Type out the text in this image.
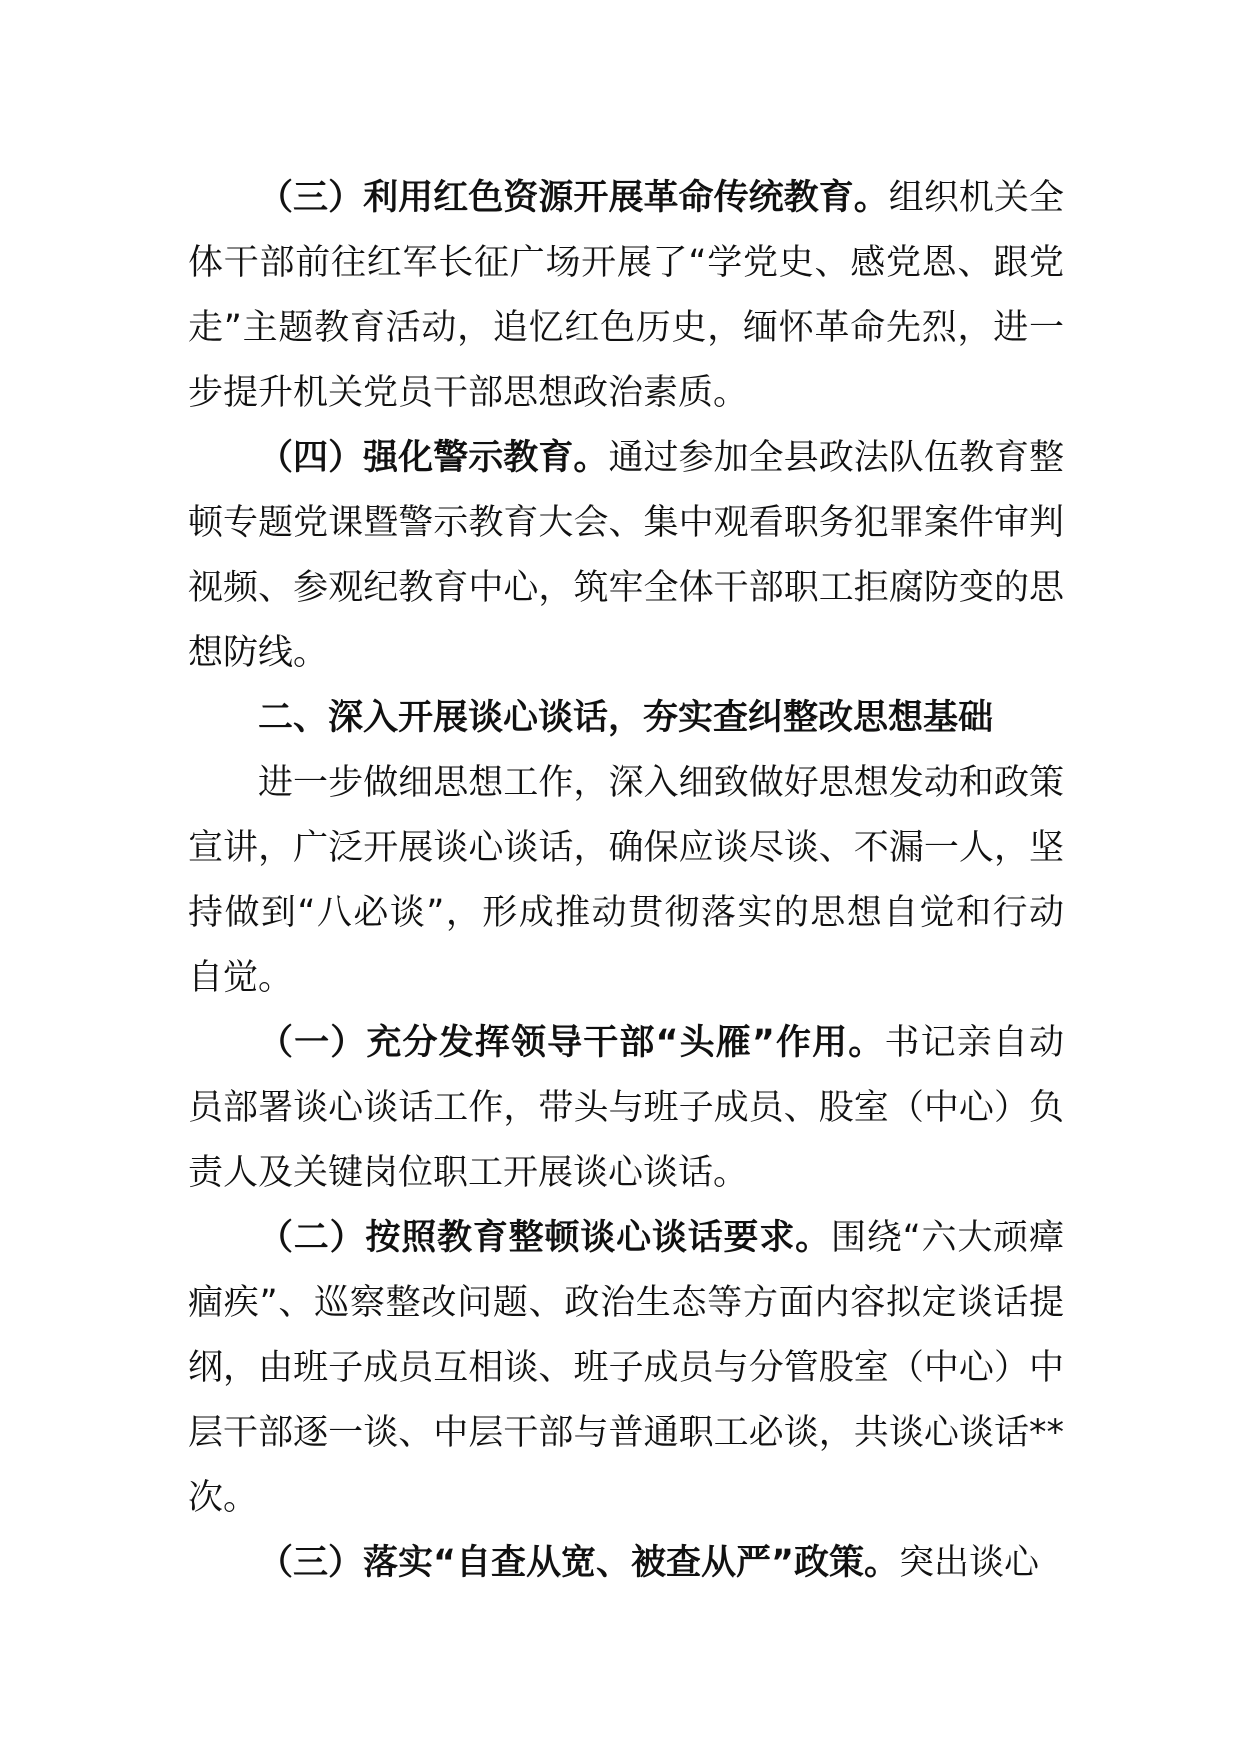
（三）利用红色资源开展革命传统教育。组织机关全体干部前往红军长征广场开展了“学党史、感党恩、跟党走”主题教育活动，追忆红色历史，缅怀革命先烈，进一步提升机关党员干部思想政治素质。

（四）强化警示教育。通过参加全县政法队伍教育整顿专题党课暨警示教育大会、集中观看职务犯罪案件审判视频、参观纪教育中心，筑牢全体干部职工拒腐防变的思想防线。

二、深入开展谈心谈话，夯实查纠整改思想基础

进一步做细思想工作，深入细致做好思想发动和政策宣讲，广泛开展谈心谈话，确保应谈尽谈、不漏一人，坚持做到“八必谈”，形成推动贯彻落实的思想自觉和行动自觉。

（一）充分发挥领导干部“头雁”作用。书记亲自动员部署谈心谈话工作，带头与班子成员、股室（中心）负责人及关键岗位职工开展谈心谈话。

（二）按照教育整顿谈心谈话要求。围绕“六大顽瘴痼疾”、巡察整改问题、政治生态等方面内容拟定谈话提纲，由班子成员互相谈、班子成员与分管股室（中心）中层干部逐一谈、中层干部与普通职工必谈，共谈心谈话**次。

（三）落实“自查从宽、被查从严”政策。突出谈心
